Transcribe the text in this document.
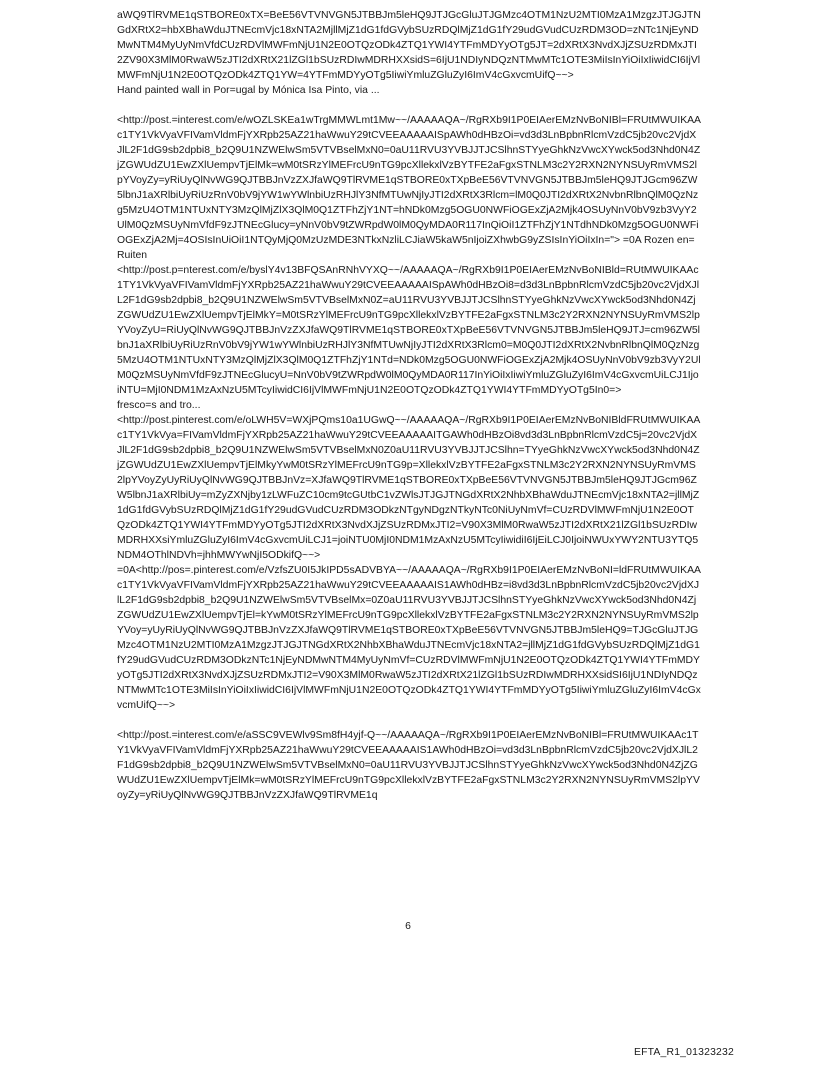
aWQ9TlRVME1qSTBORE0xTX=BeE56VTVNVGN5JTBBJm5leHQ9JTJGcGluJTJGMzc4OTM1NzU2MTI0MzA1MzgzJTJGJTNGdXRtX2=hbXBhaWduJTNEcmVjc18xNTA2MjllMjZ1dG1fdGVybSUzRDQlMjZ1dG1fY29udGVudCUzRDM3OD=zNTc1NjEyNDMwNTM4MyUyNmVfdCUzRDVlMWFmNjU1N2E0OTQzODk4ZTQ1YWI4YTFmMDYyOTg5JT=2dXRtX3NvdXJjZSUzRDMxJTI2ZV90X3MlM0RwaW5zJTI2dXRtX21lZGl1bSUzRDIwMDRHXXsidS=6IjU1NDIyNDQzNTMwMTc1OTE3MiIsInYiOiIxIiwidCI6IjVlMWFmNjU1N2E0OTQzODk4ZTQ1YW=4YTFmMDYyOTg5IiwiYmluZGluZyI6ImV4cGxvcmUifQ~~>

Hand painted wall in Por=ugal by Mónica Isa Pinto, via ...

<http://post.=interest.com/e/wOZLSKEa1wTrgMMWLmt1Mw~~/AAAAAQA~/RgRXb9I1P0EIAerEMzNvBoNIBl=FRUtMWUIKAAc1TY1VkVyaVFIVamVldmFjYXRpb25AZ21haWwuY29tCVEEAAAAAISpAWh0dHBzOi=vd3d3LnBpbnRlcmVzdC5jb20vc2VjdXJlL2F1dG9sb2dpbi8_b2Q9U1NZWElwSm5VTVBselMxN0=0aU11RVU3YVBJJTJCSlhnSTYyeGhkNzVwcXYwck5od3Nhd0N4ZjZGWUdZU1EwZXlUempvTjElMk=wM0tSRzYlMEFrcU9nTG9pcXllekxlVzBYTFE2aFgxSTNLM3c2Y2RXN2NYNSUyRmVMS2lpYVoyZy=yRiUyQlNvWG9QJTBBJnVzZXJfaWQ9TlRVME1qSTBORE0xTXpBeE56VTVNVGN5JTBBJm5leHQ9JTJGcm96ZW5lbnJ1aXRlbiUyRiUzRnV0bV9jYW1wYWlnbiUzRHJlY3NfMTUwNjIyJTI2dXRtX3Rlcm=lM0Q0JTI2dXRtX2NvbnRlbnQlM0QzNzg5MzU4OTM1NTUxNTY3MzQlMjZlX3QlM0Q1ZTFhZjY1NT=hNDk0Mzg5OGU0NWFiOGExZjA2Mjk4OSUyNnV0bV9zb3VyY2UlM0QzMSUyNmVfdF9zJTNEcGlucy=yNnV0bV9tZWRpdW0lM0QyMDA0R117InQiOiI1ZTFhZjY1NTdhNDk0Mzg5OGU0NWFiOGExZjA2Mj=4OSIsInUiOiI1NTQyMjQ0MzUzMDE3NTkxNzliLCJiaW5kaW5nIjoiZXhwbG9yZSIsInYiOiIxIn="> =0A Rozen en=Ruiten

<http://post.p=nterest.com/e/byslY4v13BFQSAnRNhVYXQ~~/AAAAAQA~/RgRXb9I1P0EIAerEMzNvBoNIBld=RUtMWUIKAAc1TY1VkVyaVFIVamVldmFjYXRpb25AZ21haWwuY29tCVEEAAAAAISpAWh0dHBzOi8=d3d3LnBpbnRlcmVzdC5jb20vc2VjdXJlL2F1dG9sb2dpbi8_b2Q9U1NZWElwSm5VTVBselMxN0Z=aU11RVU3YVBJJTJCSlhnSTYyeGhkNzVwcXYwck5od3Nhd0N4ZjZGWUdZU1EwZXlUempvTjElMkY=M0tSRzYlMEFrcU9nTG9pcXllekxlVzBYTFE2aFgxSTNLM3c2Y2RXN2NYNSUyRmVMS2lpYVoyZyU=RiUyQlNvWG9QJTBBJnVzZXJfaWQ9TlRVME1qSTBORE0xTXpBeE56VTVNVGN5JTBBJm5leHQ9JTJ=cm96ZW5lbnJ1aXRlbiUyRiUzRnV0bV9jYW1wYWlnbiUzRHJlY3NfMTUwNjIyJTI2dXRtX3Rlcm0=M0Q0JTI2dXRtX2NvbnRlbnQlM0QzNzg5MzU4OTM1NTUxNTY3MzQlMjZlX3QlM0Q1ZTFhZjY1NTd=NDk0Mzg5OGU0NWFiOGExZjA2Mjk4OSUyNnV0bV9zb3VyY2UlM0QzMSUyNmVfdF9zJTNEcGlucyU=NnV0bV9tZWRpdW0lM0QyMDA0R117InYiOiIxIiwiYmluZGluZyI6ImV4cGxvcmUiLCJ1IjoiNTU=MjI0NDM1MzAxNzU5MTcyIiwidCI6IjVlMWFmNjU1N2E0OTQzODk4ZTQ1YWI4YTFmMDYyOTg5In0=>

fresco=s and tro...

<http://post.pinterest.com/e/oLWH5V=WXjPQms10a1UGwQ~~/AAAAAQA~/RgRXb9I1P0EIAerEMzNvBoNIBldFRUtMWUIKAAc1TY1VkVya=FIVamVldmFjYXRpb25AZ21haWwuY29tCVEEAAAAAITGAWh0dHBzOi8vd3d3LnBpbnRlcmVzdC5j=20vc2VjdXJlL2F1dG9sb2dpbi8_b2Q9U1NZWElwSm5VTVBselMxN0Z0aU11RVU3YVBJJTJCSlhn=TYyeGhkNzVwcXYwck5od3Nhd0N4ZjZGWUdZU1EwZXlUempvTjElMkyYwM0tSRzYlMEFrcU9nTG9p=XllekxlVzBYTFE2aFgxSTNLM3c2Y2RXN2NYNSUyRmVMS2lpYVoyZyUyRiUyQlNvWG9QJTBBJnVz=XJfaWQ9TlRVME1qSTBORE0xTXpBeE56VTVNVGN5JTBBJm5leHQ9JTJGcm96ZW5lbnJ1aXRlbiUy=mZyZXNjby1zLWFuZC10cm9tcGUtbC1vZWlsJTJGJTNGdXRtX2NhbXBhaWduJTNEcmVjc18xNTA2=jllMjZ1dG1fdGVybSUzRDQlMjZ1dG1fY29udGVudCUzRDM3ODkzNTgyNDgzNTkyNTc0NiUyNmVf=CUzRDVlMWFmNjU1N2E0OTQzODk4ZTQ1YWI4YTFmMDYyOTg5JTI2dXRtX3NvdXJjZSUzRDMxJTI2=V90X3MlM0RwaW5zJTI2dXRtX21lZGl1bSUzRDIwMDRHXXsiYmluZGluZyI6ImV4cGxvcmUiLCJ1=joiNTU0MjI0NDM1MzAxNzU5MTcyIiwidiI6IjEiLCJ0IjoiNWUxYWY2NTU3YTQ5NDM4OThlNDVh=jhhMWYwNjI5ODkifQ~~>

=0A<http://pos=.pinterest.com/e/VzfsZU0I5JkIPD5sADVBYA~~/AAAAAQA~/RgRXb9I1P0EIAerEMzNvBoNI=ldFRUtMWUIKAAc1TY1VkVyaVFIVamVldmFjYXRpb25AZ21haWwuY29tCVEEAAAAAIS1AWh0dHBz=i8vd3d3LnBpbnRlcmVzdC5jb20vc2VjdXJlL2F1dG9sb2dpbi8_b2Q9U1NZWElwSm5VTVBselMx=0Z0aU11RVU3YVBJJTJCSlhnSTYyeGhkNzVwcXYwck5od3Nhd0N4ZjZGWUdZU1EwZXlUempvTjEl=kYwM0tSRzYlMEFrcU9nTG9pcXllekxlVzBYTFE2aFgxSTNLM3c2Y2RXN2NYNSUyRmVMS2lpYVoy=yUyRiUyQlNvWG9QJTBBJnVzZXJfaWQ9TlRVME1qSTBORE0xTXpBeE56VTVNVGN5JTBBJm5leHQ9=TJGcGluJTJGMzc4OTM1NzU2MTI0MzA1MzgzJTJGJTNGdXRtX2NhbXBhaWduJTNEcmVjc18xNTA2=jllMjZ1dG1fdGVybSUzRDQlMjZ1dG1fY29udGVudCUzRDM3ODkzNTc1NjEyNDMwNTM4MyUyNmVf=CUzRDVlMWFmNjU1N2E0OTQzODk4ZTQ1YWI4YTFmMDYyOTg5JTI2dXRtX3NvdXJjZSUzRDMxJTI2=V90X3MlM0RwaW5zJTI2dXRtX21lZGl1bSUzRDIwMDRHXXsidSI6IjU1NDIyNDQzNTMwMTc1OTE3MiIsInYiOiIxIiwidCI6IjVlMWFmNjU1N2E0OTQzODk4ZTQ1YWI4YTFmMDYyOTg5IiwiYmluZGluZyI6ImV4cGxvcmUifQ~~>

<http://post.=interest.com/e/aSSC9VEWlv9Sm8fH4yjf-Q~~/AAAAAQA~/RgRXb9I1P0EIAerEMzNvBoNIBl=FRUtMWUIKAAc1TY1VkVyaVFIVamVldmFjYXRpb25AZ21haWwuY29tCVEEAAAAAIS1AWh0dHBzOi=vd3d3LnBpbnRlcmVzdC5jb20vc2VjdXJlL2F1dG9sb2dpbi8_b2Q9U1NZWElwSm5VTVBselMxN0=0aU11RVU3YVBJJTJCSlhnSTYyeGhkNzVwcXYwck5od3Nhd0N4ZjZGWUdZU1EwZXlUempvTjElMk=wM0tSRzYlMEFrcU9nTG9pcXllekxlVzBYTFE2aFgxSTNLM3c2Y2RXN2NYNSUyRmVMS2lpYVoyZy=yRiUyQlNvWG9QJTBBJnVzZXJfaWQ9TlRVME1q

6
EFTA_R1_01323232
